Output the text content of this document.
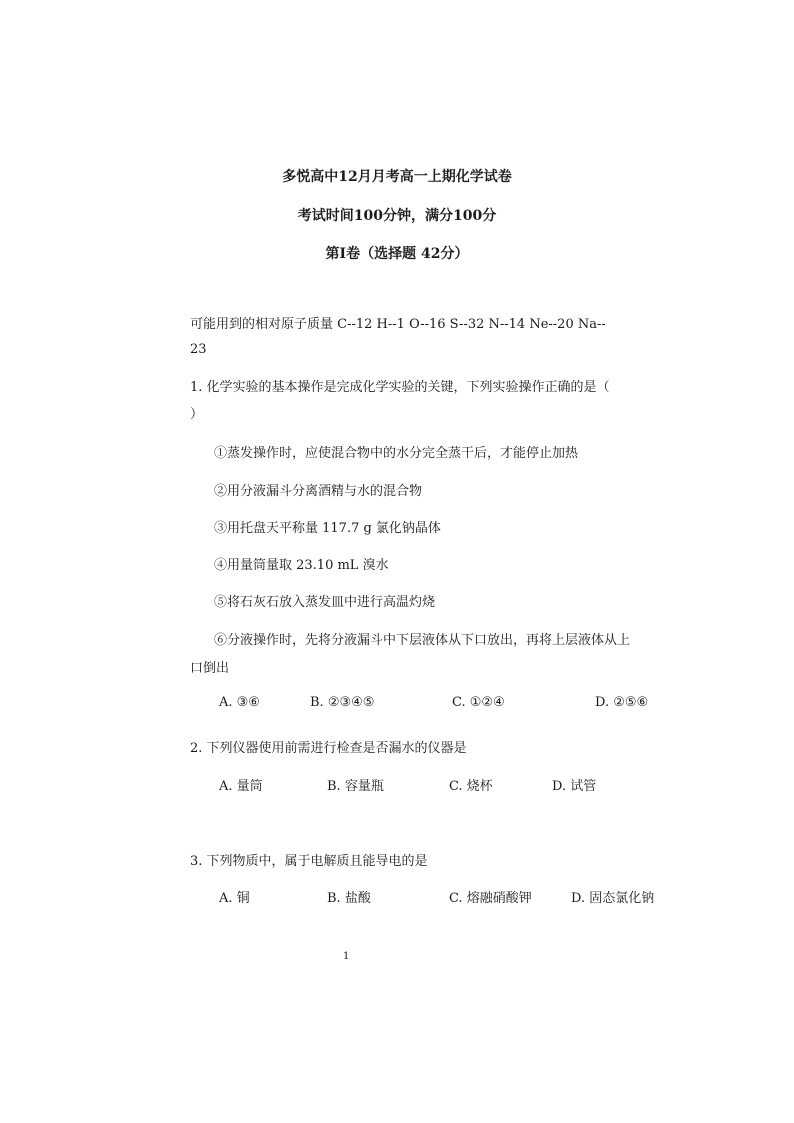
多悦高中12月月考高一上期化学试卷
考试时间100分钟，满分100分
第Ⅰ卷（选择题 42分）
可能用到的相对原子质量 C--12 H--1 O--16 S--32 N--14 Ne--20 Na--
23
1. 化学实验的基本操作是完成化学实验的关键，下列实验操作正确的是（
）
①蒸发操作时，应使混合物中的水分完全蒸干后，才能停止加热
②用分液漏斗分离酒精与水的混合物
③用托盘天平称量 117.7 g 氯化钠晶体
④用量筒量取 23.10 mL 溴水
⑤将石灰石放入蒸发皿中进行高温灼烧
⑥分液操作时，先将分液漏斗中下层液体从下口放出，再将上层液体从上
口倒出
A. ③⑥	B. ②③④⑤	C. ①②④	D. ②⑤⑥
2. 下列仪器使用前需进行检查是否漏水的仪器是
A. 量筒	B. 容量瓶	C. 烧杯	D. 试管
3. 下列物质中，属于电解质且能导电的是
A. 铜	B. 盐酸	C. 熔融硝酸钾	D. 固态氯化钠
1
